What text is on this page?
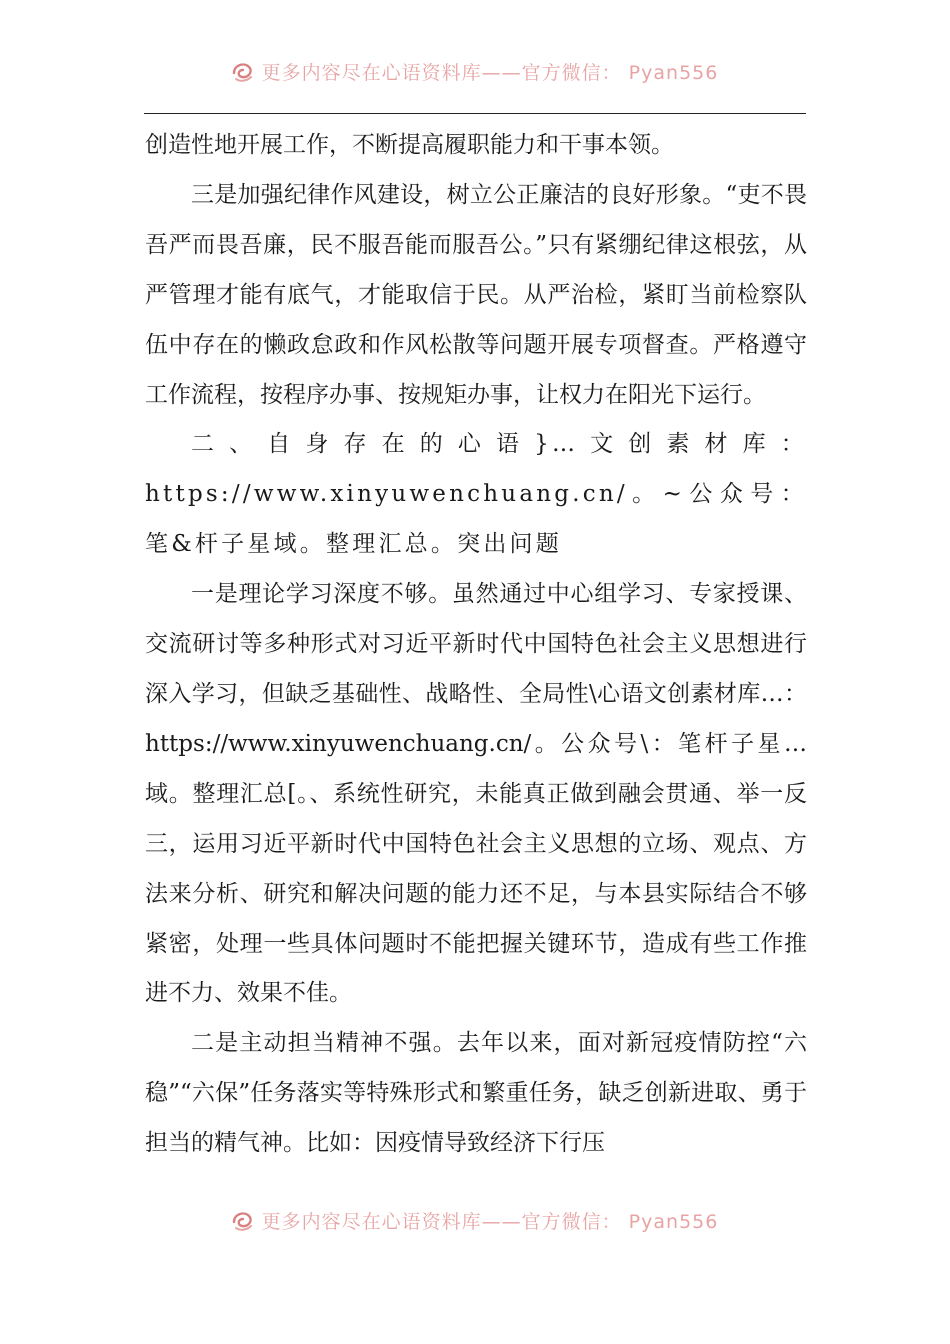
更多内容尽在心语资料库——官方微信： Pyan556

创造性地开展工作，不断提高履职能力和干事本领。

三是加强纪律作风建设，树立公正廉洁的良好形象。“吏不畏吾严而畏吾廉，民不服吾能而服吾公。”只有紧绷纪律这根弦，从严管理才能有底气，才能取信于民。从严治检，紧盯当前检察队伍中存在的懒政怠政和作风松散等问题开展专项督查。严格遵守工作流程，按程序办事、按规矩办事，让权力在阳光下运行。

二、自身存在的心语}…文创素材库：https://www.xinyuwenchuang.cn/。~公众号：笔&杆子星域。整理汇总。突出问题

一是理论学习深度不够。虽然通过中心组学习、专家授课、交流研讨等多种形式对习近平新时代中国特色社会主义思想进行深入学习，但缺乏基础性、战略性、全局性\心语文创素材库…：https://www.xinyuwenchuang.cn/。公众号\：笔杆子星…域。整理汇总[。、系统性研究，未能真正做到融会贯通、举一反三，运用习近平新时代中国特色社会主义思想的立场、观点、方法来分析、研究和解决问题的能力还不足，与本县实际结合不够紧密，处理一些具体问题时不能把握关键环节，造成有些工作推进不力、效果不佳。

二是主动担当精神不强。去年以来，面对新冠疫情防控“六稳”“六保”任务落实等特殊形式和繁重任务，缺乏创新进取、勇于担当的精气神。比如：因疫情导致经济下行压

更多内容尽在心语资料库——官方微信： Pyan556
